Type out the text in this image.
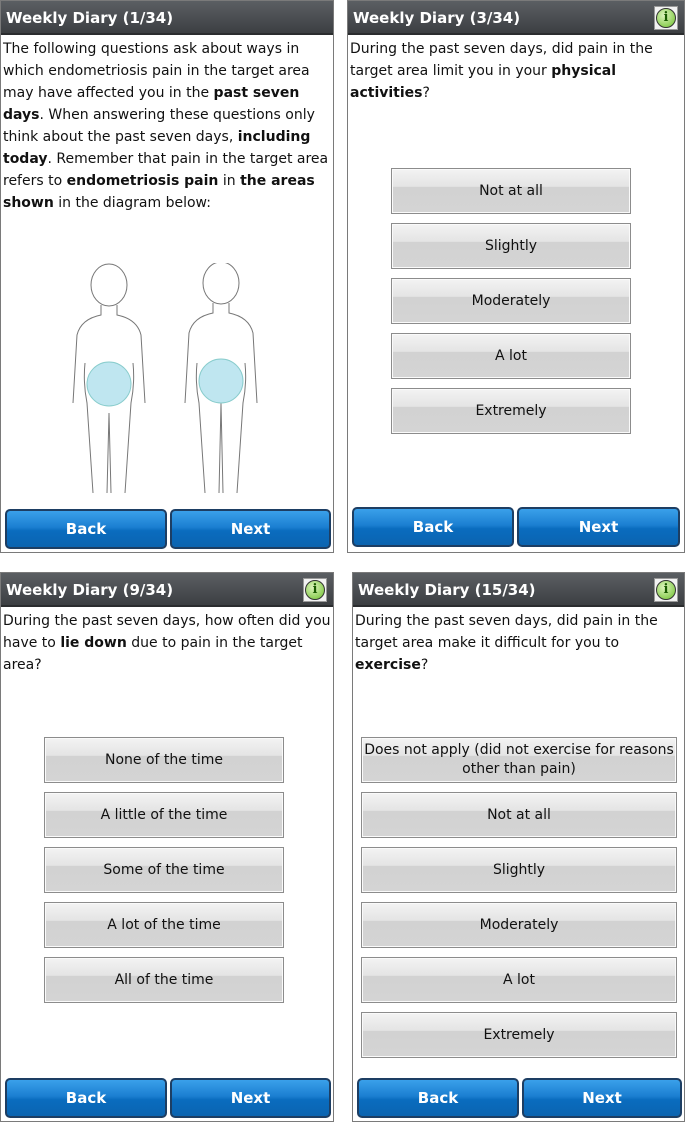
Weekly Diary (1/34)
The following questions ask about ways in which endometriosis pain in the target area may have affected you in the past seven days. When answering these questions only think about the past seven days, including today. Remember that pain in the target area refers to endometriosis pain in the areas shown in the diagram below:
Back	Next
Weekly Diary (3/34)	i
During the past seven days, did pain in the target area limit you in your physical activities?
Not at all
Slightly
Moderately
A lot
Extremely
Back	Next
Weekly Diary (9/34)	i
During the past seven days, how often did you have to lie down due to pain in the target area?
None of the time
A little of the time
Some of the time
A lot of the time
All of the time
Back	Next
Weekly Diary (15/34)	i
During the past seven days, did pain in the target area make it difficult for you to exercise?
Does not apply (did not exercise for reasons other than pain)
Not at all
Slightly
Moderately
A lot
Extremely
Back	Next
